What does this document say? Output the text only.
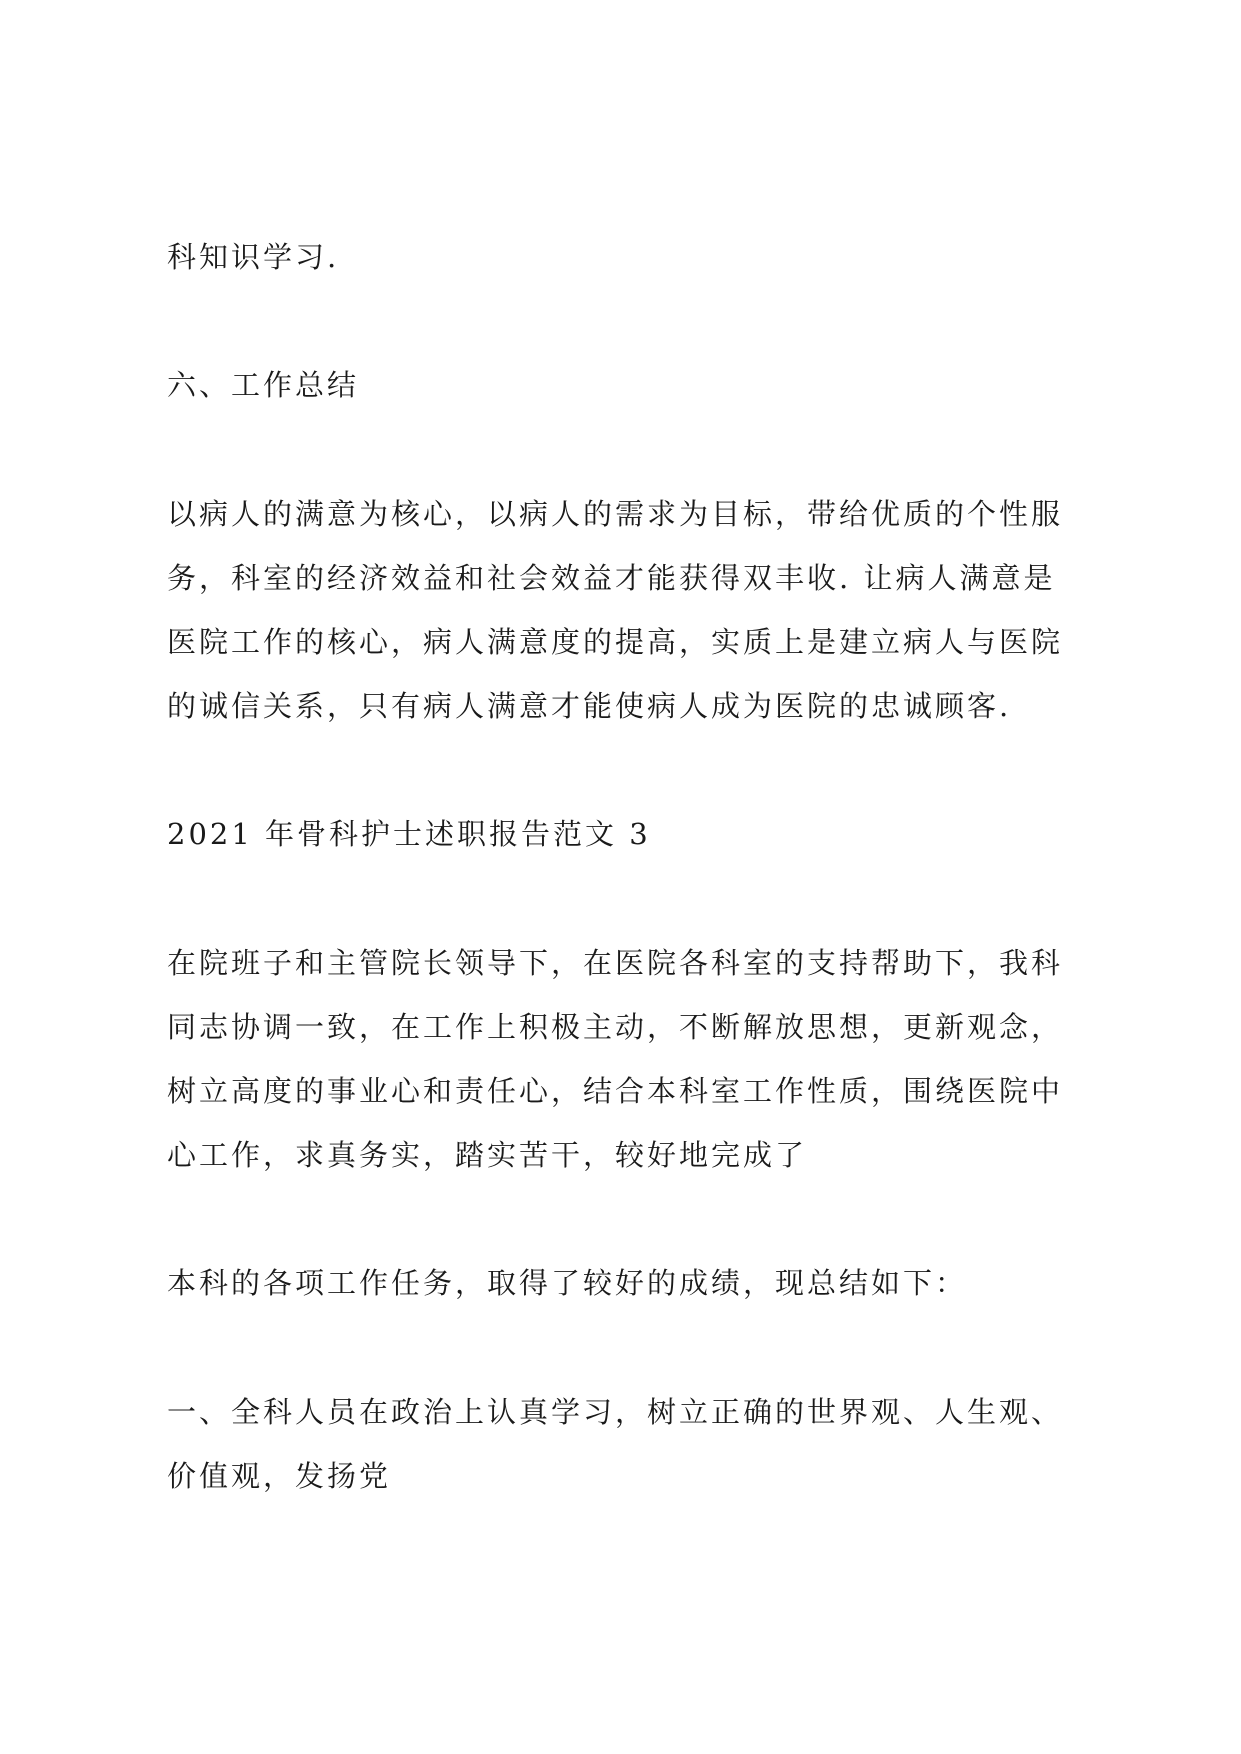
科知识学习.

六、工作总结

以病人的满意为核心，以病人的需求为目标，带给优质的个性服
务，科室的经济效益和社会效益才能获得双丰收. 让病人满意是
医院工作的核心，病人满意度的提高，实质上是建立病人与医院
的诚信关系，只有病人满意才能使病人成为医院的忠诚顾客.

2021 年骨科护士述职报告范文 3

在院班子和主管院长领导下，在医院各科室的支持帮助下，我科
同志协调一致，在工作上积极主动，不断解放思想，更新观念，
树立高度的事业心和责任心，结合本科室工作性质，围绕医院中
心工作，求真务实，踏实苦干，较好地完成了

本科的各项工作任务，取得了较好的成绩，现总结如下：

一、全科人员在政治上认真学习，树立正确的世界观、人生观、
价值观，发扬党
